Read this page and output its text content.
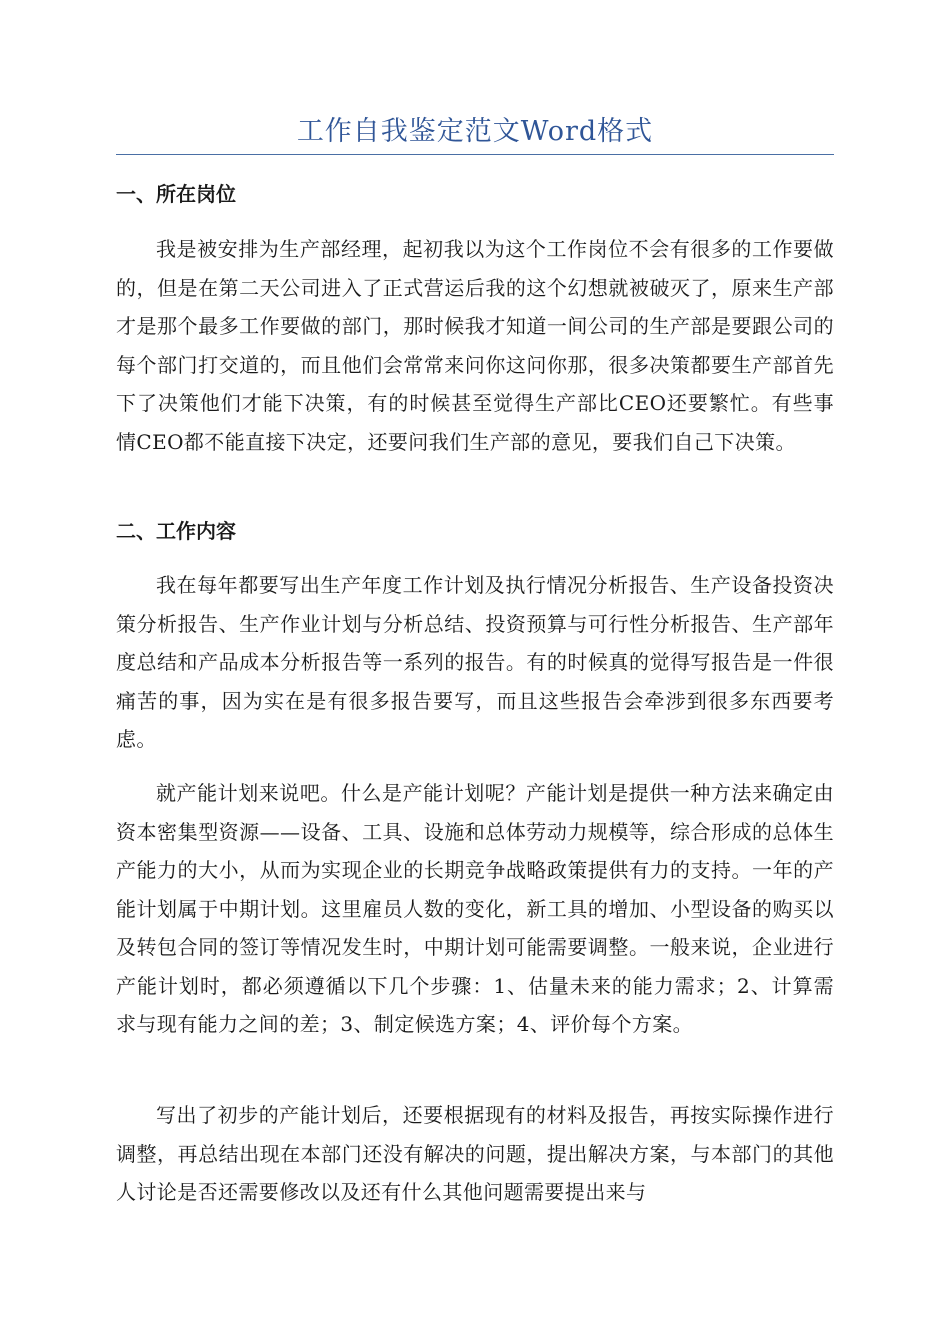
工作自我鉴定范文Word格式
一、所在岗位

我是被安排为生产部经理，起初我以为这个工作岗位不会有很多的工作要做的，但是在第二天公司进入了正式营运后我的这个幻想就被破灭了，原来生产部才是那个最多工作要做的部门，那时候我才知道一间公司的生产部是要跟公司的每个部门打交道的，而且他们会常常来问你这问你那，很多决策都要生产部首先下了决策他们才能下决策，有的时候甚至觉得生产部比CEO还要繁忙。有些事情CEO都不能直接下决定，还要问我们生产部的意见，要我们自己下决策。

二、工作内容

我在每年都要写出生产年度工作计划及执行情况分析报告、生产设备投资决策分析报告、生产作业计划与分析总结、投资预算与可行性分析报告、生产部年度总结和产品成本分析报告等一系列的报告。有的时候真的觉得写报告是一件很痛苦的事，因为实在是有很多报告要写，而且这些报告会牵涉到很多东西要考虑。

就产能计划来说吧。什么是产能计划呢？产能计划是提供一种方法来确定由资本密集型资源——设备、工具、设施和总体劳动力规模等，综合形成的总体生产能力的大小，从而为实现企业的长期竞争战略政策提供有力的支持。一年的产能计划属于中期计划。这里雇员人数的变化，新工具的增加、小型设备的购买以及转包合同的签订等情况发生时，中期计划可能需要调整。一般来说，企业进行产能计划时，都必须遵循以下几个步骤：1、估量未来的能力需求；2、计算需求与现有能力之间的差；3、制定候选方案；4、评价每个方案。

写出了初步的产能计划后，还要根据现有的材料及报告，再按实际操作进行调整，再总结出现在本部门还没有解决的问题，提出解决方案，与本部门的其他人讨论是否还需要修改以及还有什么其他问题需要提出来与
